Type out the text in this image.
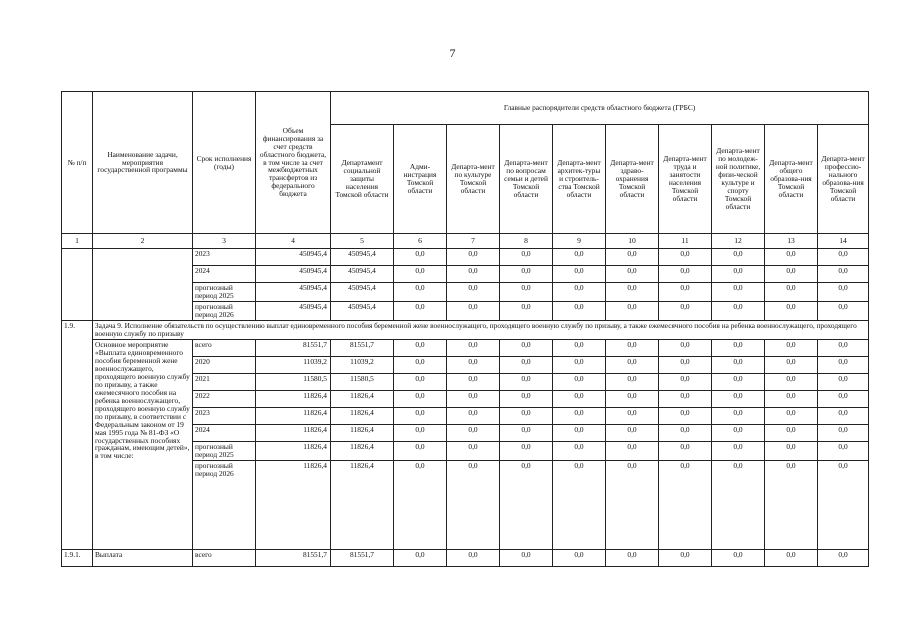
7
№ п/п	Наименование задачи, мероприятия государственной программы	Срок исполнения (годы)	Объем финансирования за счет средств областного бюджета, в том числе за счет межбюджетных трансфертов из федерального бюджета	Главные распорядители средств областного бюджета (ГРБС)									
				Департамент социальной защиты населения Томской области	Адми-нистрация Томской области	Департа-мент по культуре Томской области	Департа-мент по вопросам семьи и детей Томской области	Департа-мент архитек-туры и строитель-ства Томской области	Департа-мент здраво-охранения Томской области	Департа-мент труда и занятости населения Томской области	Департа-мент по молодеж-ной политике, физи-ческой культуре и спорту Томской области	Департа-мент общего образова-ния Томской области	Департа-мент профессио-нального образова-ния Томской области
1	2	3	4	5	6	7	8	9	10	11	12	13	14
		2023	450945,4	450945,4	0,0	0,0	0,0	0,0	0,0	0,0	0,0	0,0	0,0
		2024	450945,4	450945,4	0,0	0,0	0,0	0,0	0,0	0,0	0,0	0,0	0,0
		прогнозный период 2025	450945,4	450945,4	0,0	0,0	0,0	0,0	0,0	0,0	0,0	0,0	0,0
		прогнозный период 2026	450945,4	450945,4	0,0	0,0	0,0	0,0	0,0	0,0	0,0	0,0	0,0
1.9.	Задача 9. Исполнение обязательств по осуществлению выплат единовременного пособия беременной жене военнослужащего, проходящего военную службу по призыву, а также ежемесячного пособия на ребенка военнослужащего, проходящего военную службу по призыву												
	Основное мероприятие «Выплата единовременного пособия беременной жене военнослужащего, проходящего военную службу по призыву, а также ежемесячного пособия на ребенка военнослужащего, проходящего военную службу по призыву, в соответствии с Федеральным законом от 19 мая 1995 года № 81-ФЗ «О государственных пособиях гражданам, имеющим детей», в том числе:	всего	81551,7	81551,7	0,0	0,0	0,0	0,0	0,0	0,0	0,0	0,0	0,0
		2020	11039,2	11039,2	0,0	0,0	0,0	0,0	0,0	0,0	0,0	0,0	0,0
		2021	11580,5	11580,5	0,0	0,0	0,0	0,0	0,0	0,0	0,0	0,0	0,0
		2022	11826,4	11826,4	0,0	0,0	0,0	0,0	0,0	0,0	0,0	0,0	0,0
		2023	11826,4	11826,4	0,0	0,0	0,0	0,0	0,0	0,0	0,0	0,0	0,0
		2024	11826,4	11826,4	0,0	0,0	0,0	0,0	0,0	0,0	0,0	0,0	0,0
		прогнозный период 2025	11826,4	11826,4	0,0	0,0	0,0	0,0	0,0	0,0	0,0	0,0	0,0
		прогнозный период 2026	11826,4	11826,4	0,0	0,0	0,0	0,0	0,0	0,0	0,0	0,0	0,0
1.9.1.	Выплата	всего	81551,7	81551,7	0,0	0,0	0,0	0,0	0,0	0,0	0,0	0,0	0,0
